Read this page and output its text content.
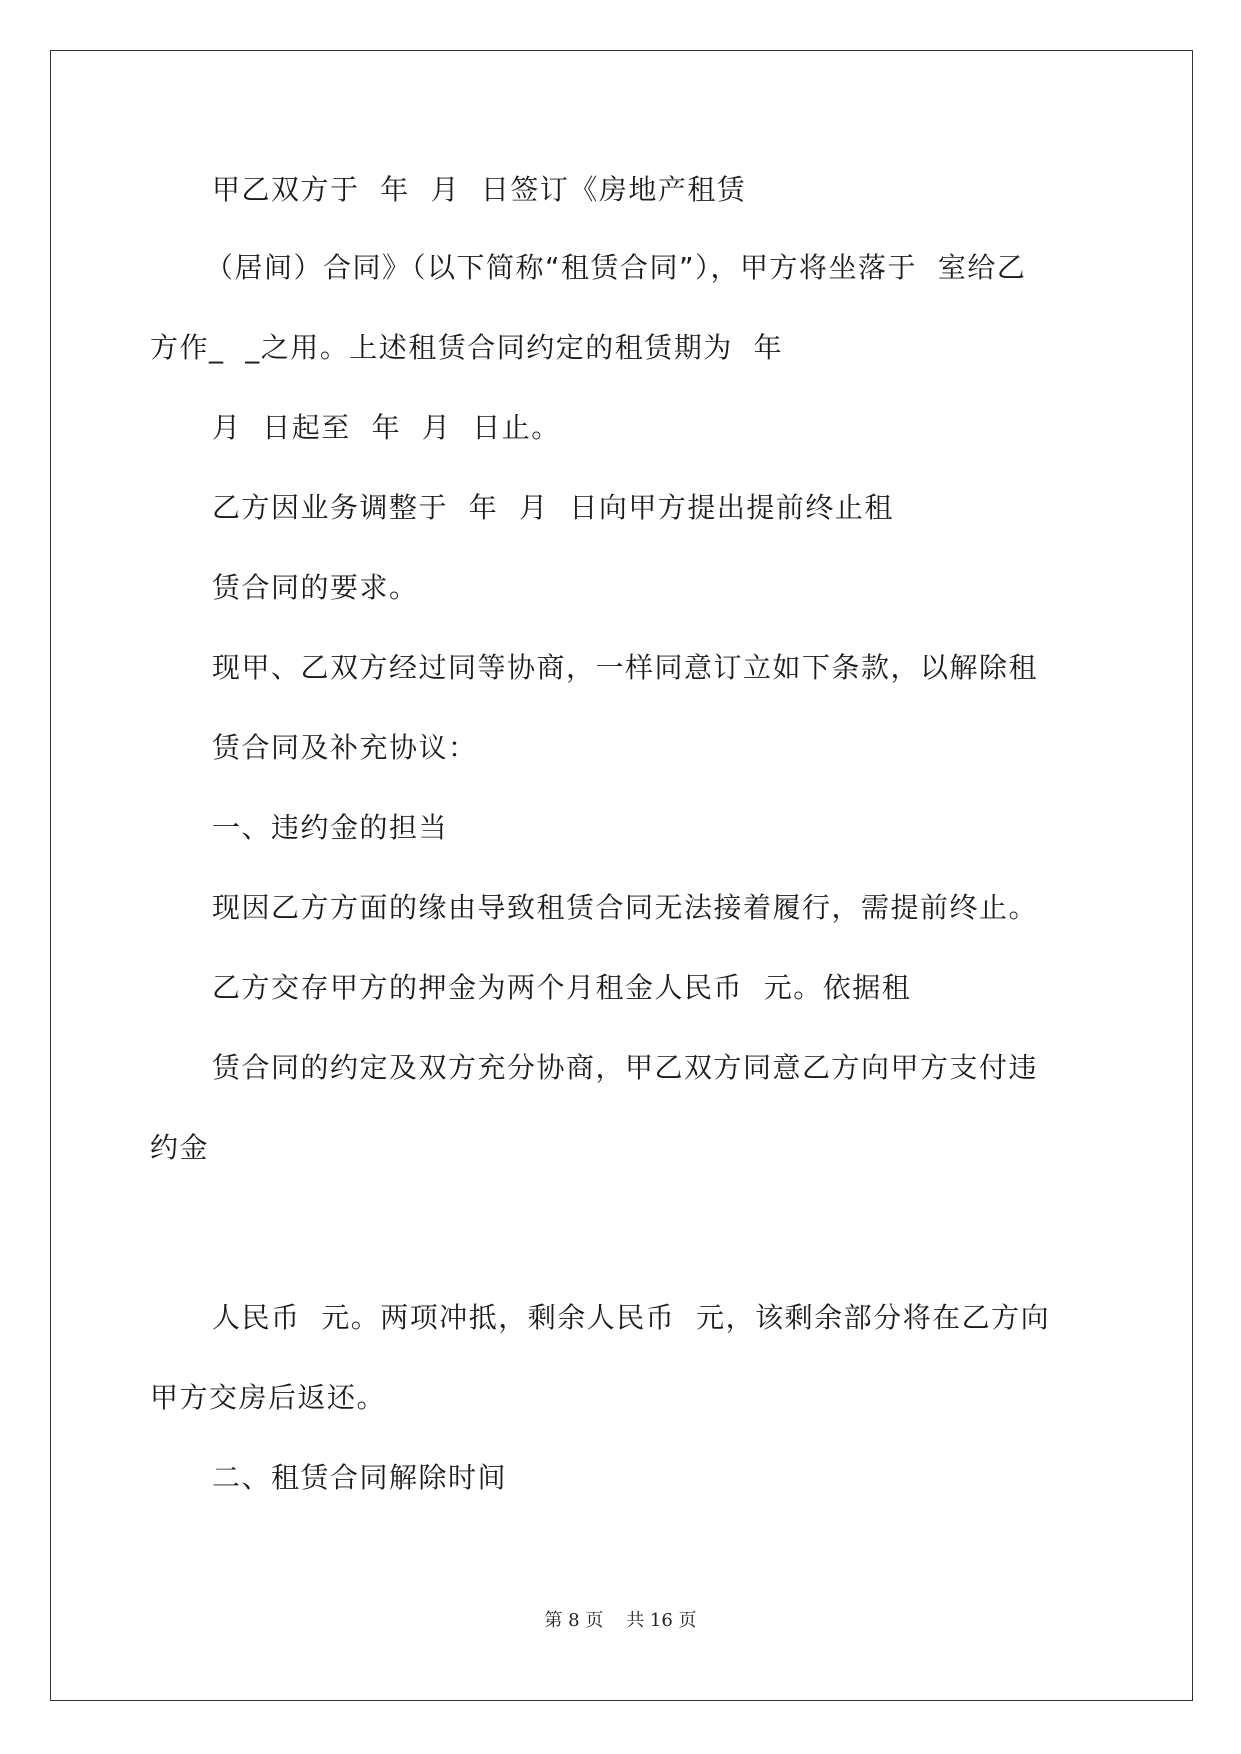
甲乙双方于  年  月  日签订《房地产租赁
（居间）合同》（以下简称“租赁合同”），甲方将坐落于  室给乙
方作_  _之用。上述租赁合同约定的租赁期为  年
月  日起至  年  月  日止。
乙方因业务调整于  年  月  日向甲方提出提前终止租
赁合同的要求。
现甲、乙双方经过同等协商，一样同意订立如下条款，以解除租
赁合同及补充协议：
一、违约金的担当
现因乙方方面的缘由导致租赁合同无法接着履行，需提前终止。
乙方交存甲方的押金为两个月租金人民币  元。依据租
赁合同的约定及双方充分协商，甲乙双方同意乙方向甲方支付违
约金
人民币  元。两项冲抵，剩余人民币  元，该剩余部分将在乙方向
甲方交房后返还。
二、租赁合同解除时间
第 8 页    共 16 页
